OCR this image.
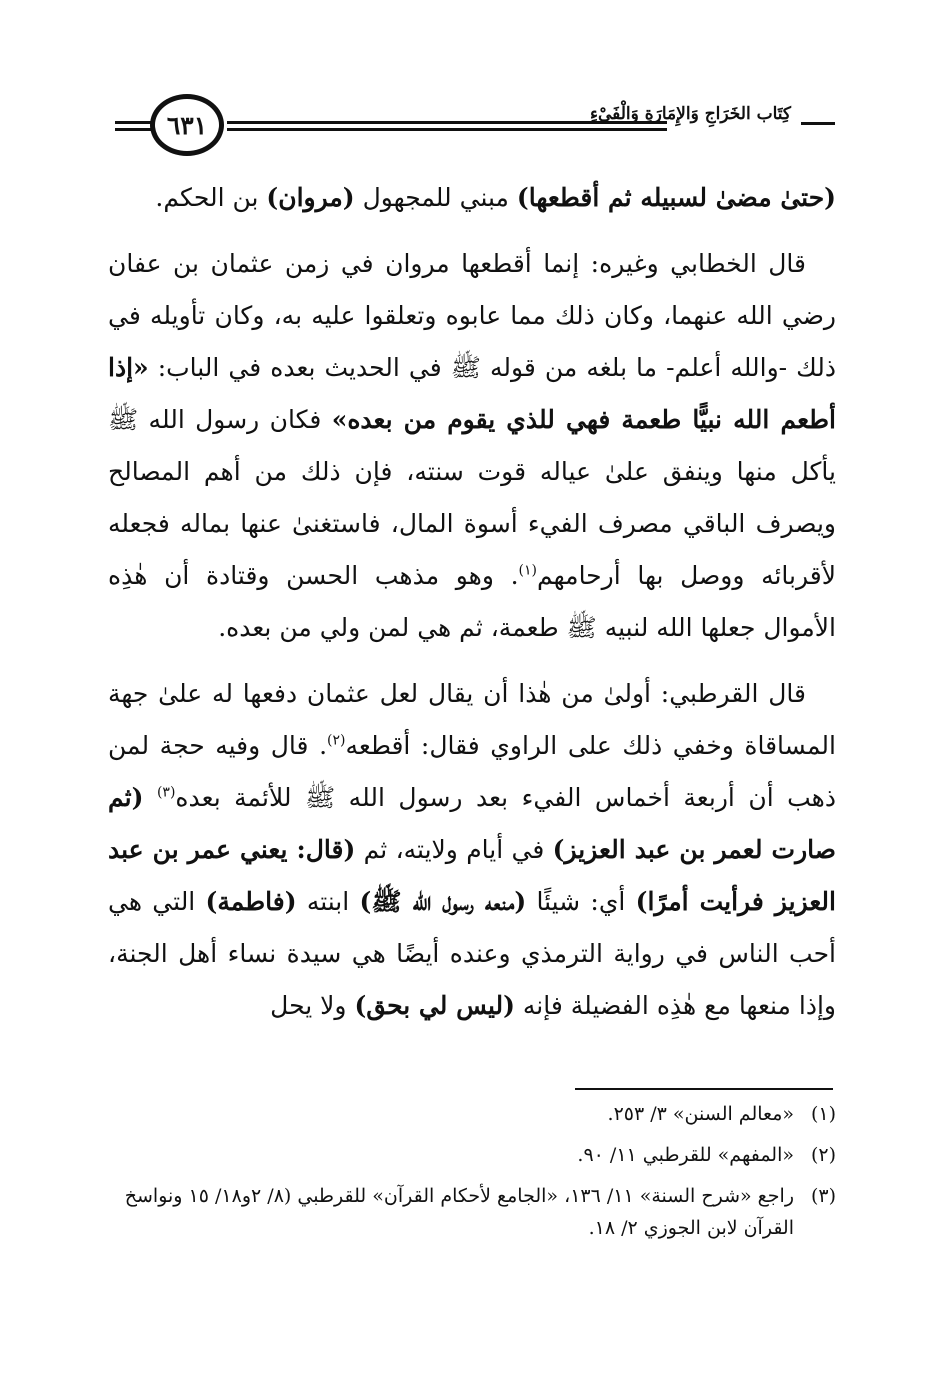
٦٣١	كِتَاب الخَرَاجِ وَالإِمَارَةِ وَالْفَيْءِ

(حتىٰ مضىٰ لسبيله ثم أقطعها) مبني للمجهول (مروان) بن الحكم.

قال الخطابي وغيره: إنما أقطعها مروان في زمن عثمان بن عفان رضي الله عنهما، وكان ذلك مما عابوه وتعلقوا عليه به، وكان تأويله في ذلك -والله أعلم- ما بلغه من قوله ﷺ في الحديث بعده في الباب: «إذا أطعم الله نبيًّا طعمة فهي للذي يقوم من بعده» فكان رسول الله ﷺ يأكل منها وينفق علىٰ عياله قوت سنته، فإن ذلك من أهم المصالح ويصرف الباقي مصرف الفيء أسوة المال، فاستغنىٰ عنها بماله فجعله لأقربائه ووصل بها أرحامهم$^{(١)}$. وهو مذهب الحسن وقتادة أن هٰذِه الأموال جعلها الله لنبيه ﷺ طعمة، ثم هي لمن ولي من بعده.

قال القرطبي: أولىٰ من هٰذا أن يقال لعل عثمان دفعها له علىٰ جهة المساقاة وخفي ذلك على الراوي فقال: أقطعه$^{(٢)}$. قال وفيه حجة لمن ذهب أن أربعة أخماس الفيء بعد رسول الله ﷺ للأئمة بعده$^{(٣)}$ (ثم صارت لعمر بن عبد العزيز) في أيام ولايته، ثم (قال: يعني عمر بن عبد العزيز فرأيت أمرًا) أي: شيئًا (منعه رسول الله ﷺ) ابنته (فاطمة) التي هي أحب الناس في رواية الترمذي وعنده أيضًا هي سيدة نساء أهل الجنة، وإذا منعها مع هٰذِه الفضيلة فإنه (ليس لي بحق) ولا يحل

(١)
«معالم السنن» ٣/ ٢٥٣.
(٢)
«المفهم» للقرطبي ١١/ ٩٠.
(٣)
راجع «شرح السنة» ١١/ ١٣٦، «الجامع لأحكام القرآن» للقرطبي (٨/ ٢و١٨/ ١٥ ونواسخ القرآن لابن الجوزي ٢/ ١٨.
